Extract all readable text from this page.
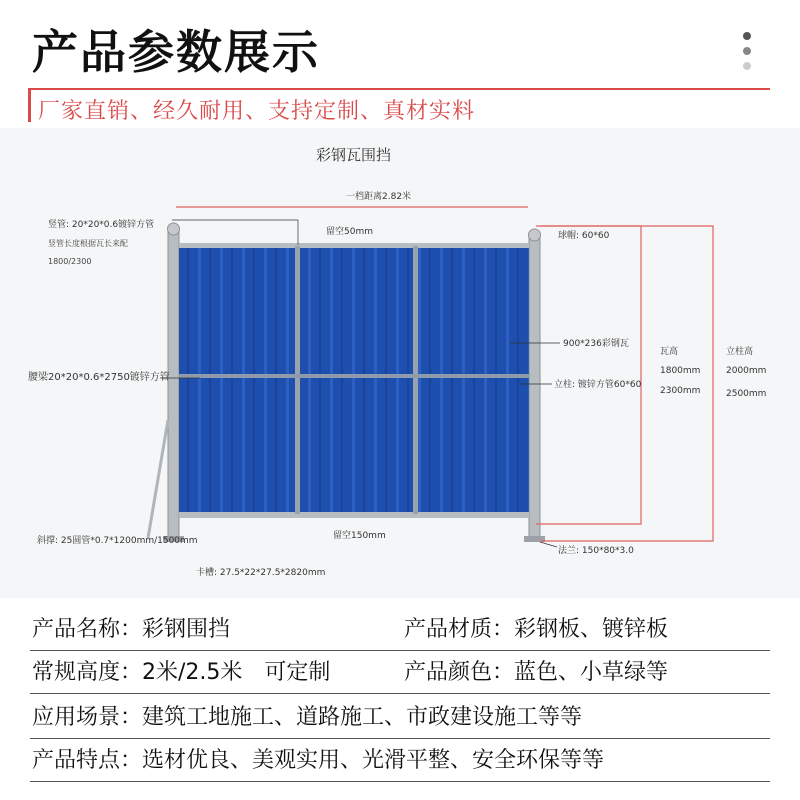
产品参数展示
厂家直销、经久耐用、支持定制、真材实料
彩钢瓦围挡
一档距离2.82米
竖管: 20*20*0.6镀锌方管
竖管长度根据瓦长来配
1800/2300
留空50mm	球帽: 60*60
900*236彩钢瓦
腰梁20*20*0.6*2750镀锌方管
立柱: 镀锌方管60*60
瓦高
1800mm
2300mm
立柱高
2000mm
2500mm
留空150mm
斜撑: 25圆管*0.7*1200mm/1500mm
法兰: 150*80*3.0
卡槽: 27.5*22*27.5*2820mm
产品名称：彩钢围挡	产品材质：彩钢板、镀锌板
常规高度：2米/2.5米　可定制	产品颜色：蓝色、小草绿等
应用场景：建筑工地施工、道路施工、市政建设施工等等
产品特点：选材优良、美观实用、光滑平整、安全环保等等
